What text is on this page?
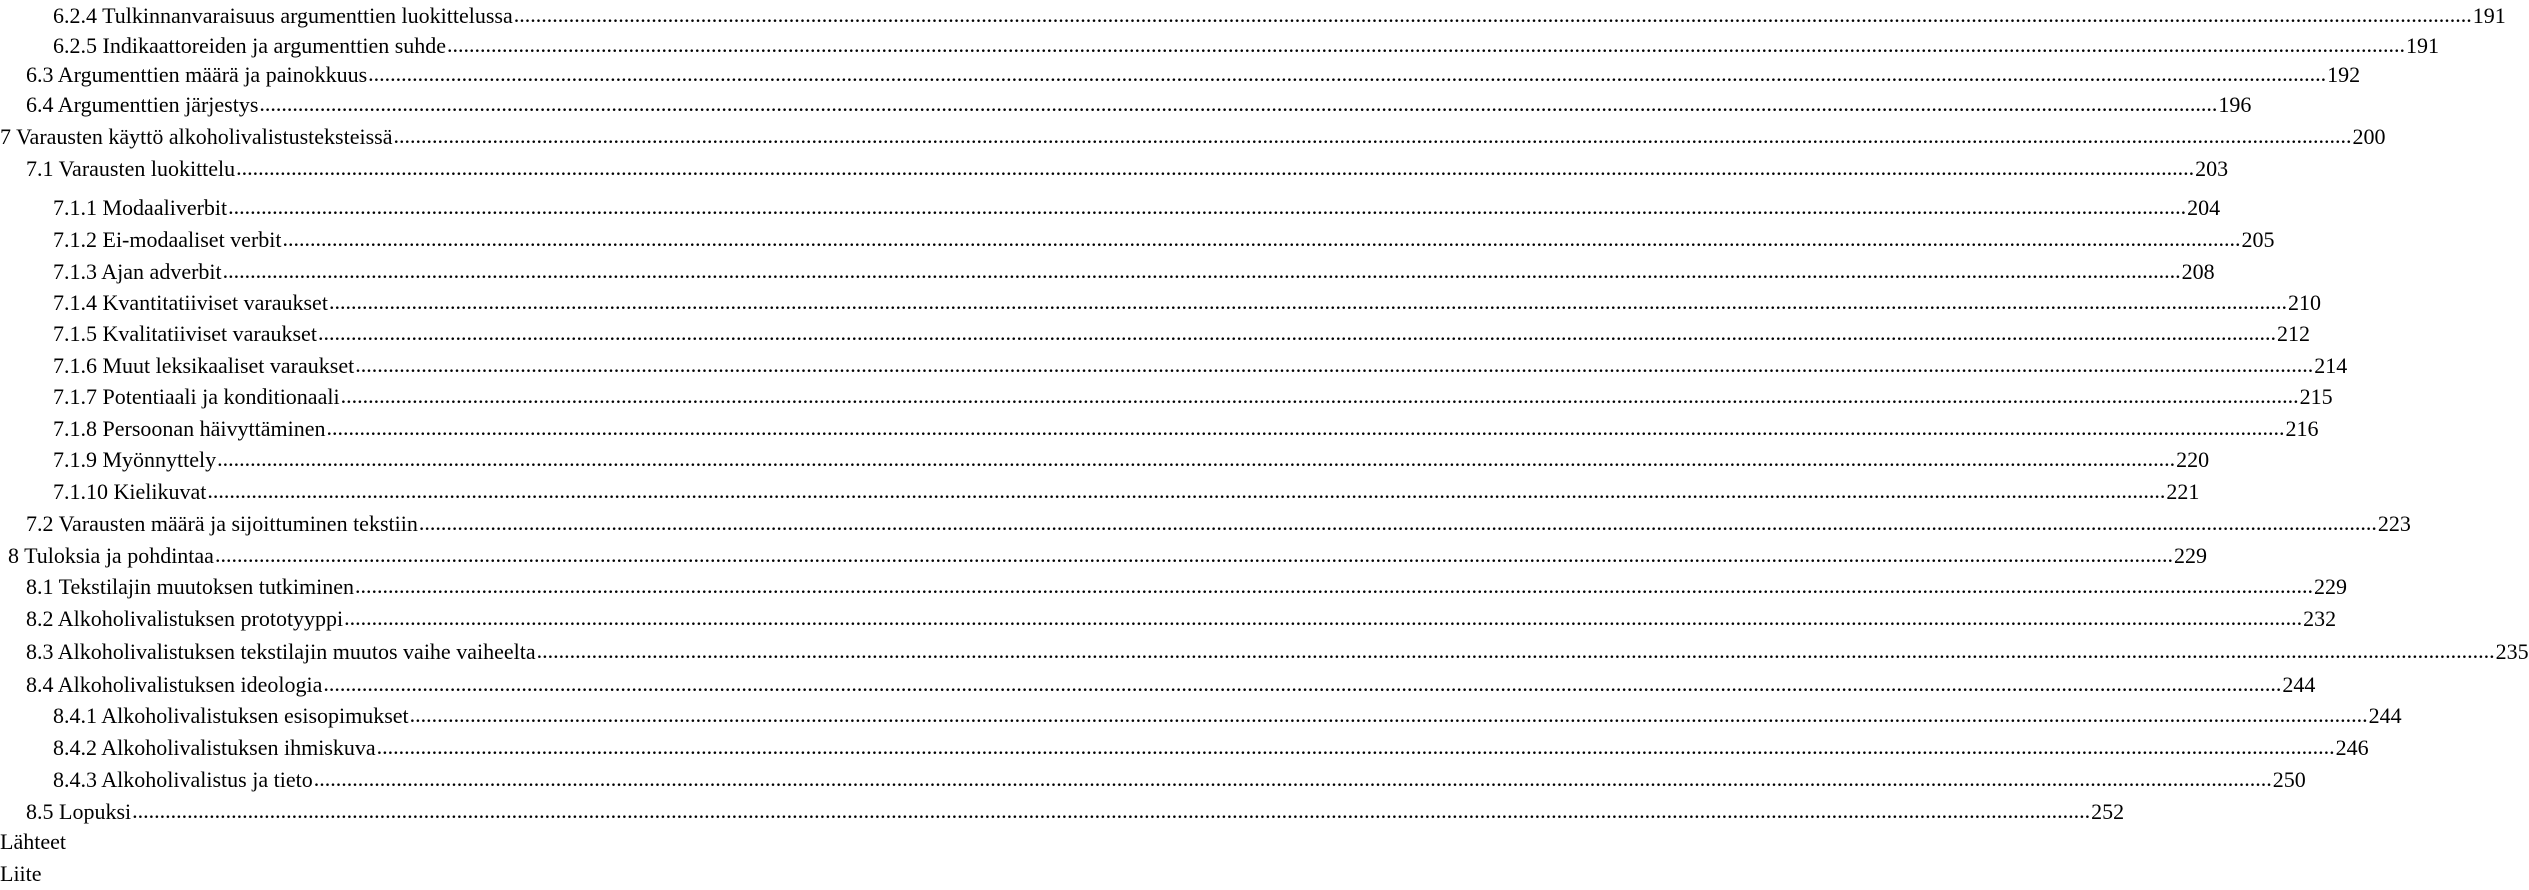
6.2.4 Tulkinnanvaraisuus argumenttien luokittelussa .....	191
6.2.5 Indikaattoreiden ja argumenttien suhde .....	191
6.3 Argumenttien määrä ja painokkuus .....	192
6.4 Argumenttien järjestys .....	196
7 Varausten käyttö alkoholivalistusteksteissä .....	200
7.1 Varausten luokittelu .....	203
7.1.1 Modaaliverbit .....	204
7.1.2 Ei-modaaliset verbit .....	205
7.1.3 Ajan adverbit .....	208
7.1.4 Kvantitatiiviset varaukset .....	210
7.1.5 Kvalitatiiviset varaukset .....	212
7.1.6 Muut leksikaaliset varaukset .....	214
7.1.7 Potentiaali ja konditionaali .....	215
7.1.8 Persoonan häivyttäminen .....	216
7.1.9 Myönnyttely .....	220
7.1.10 Kielikuvat .....	221
7.2 Varausten määrä ja sijoittuminen tekstiin .....	223
8 Tuloksia ja pohdintaa .....	229
8.1 Tekstilajin muutoksen tutkiminen .....	229
8.2 Alkoholivalistuksen prototyyppi .....	232
8.3 Alkoholivalistuksen tekstilajin muutos vaihe vaiheelta .....	235
8.4 Alkoholivalistuksen ideologia .....	244
8.4.1 Alkoholivalistuksen esisopimukset .....	244
8.4.2 Alkoholivalistuksen ihmiskuva .....	246
8.4.3 Alkoholivalistus ja tieto .....	250
8.5 Lopuksi .....	252
Lähteet
Liite
